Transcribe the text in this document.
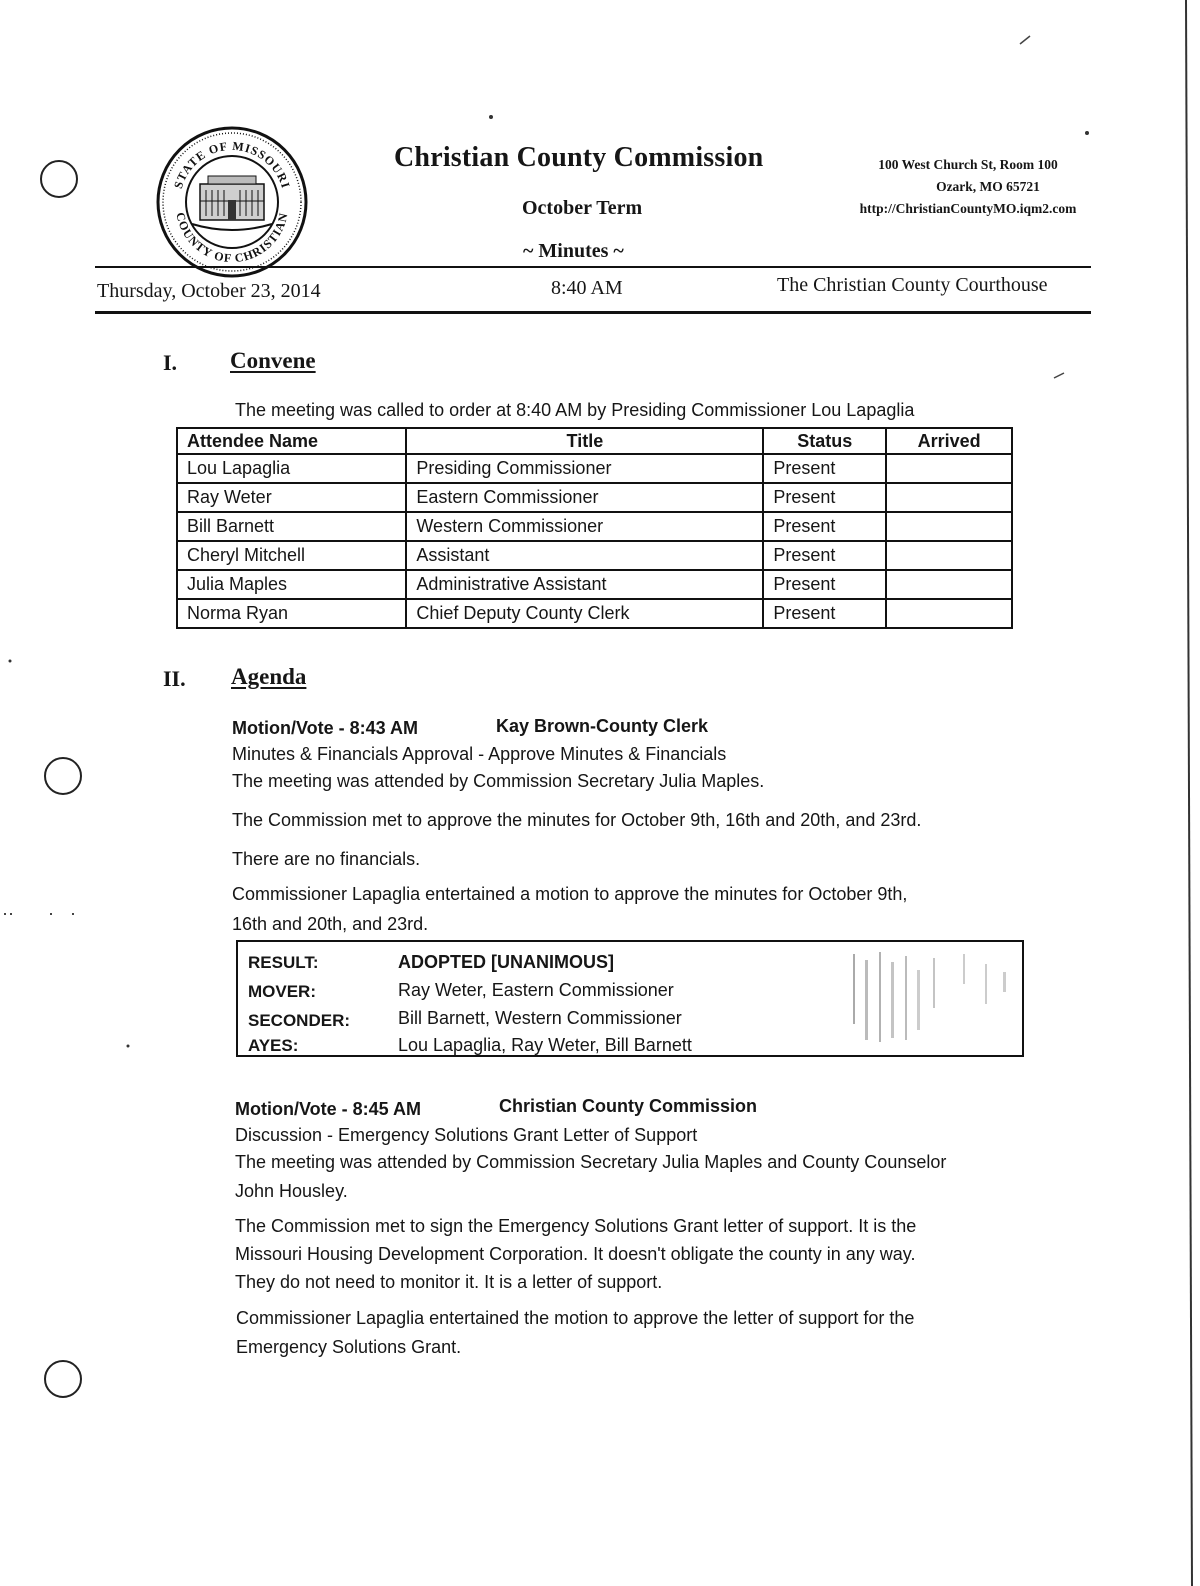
STATE OF MISSOURI
COUNTY OF CHRISTIAN
Christian County Commission
October Term
~ Minutes ~
100 West Church St, Room 100
Ozark, MO 65721
http://ChristianCountyMO.iqm2.com
Thursday, October 23, 2014	8:40 AM	The Christian County Courthouse
I. Convene
The meeting was called to order at 8:40 AM by Presiding Commissioner Lou Lapaglia
Attendee Name	Title	Status	Arrived
Lou Lapaglia	Presiding Commissioner	Present	
Ray Weter	Eastern Commissioner	Present	
Bill Barnett	Western Commissioner	Present	
Cheryl Mitchell	Assistant	Present	
Julia Maples	Administrative Assistant	Present	
Norma Ryan	Chief Deputy County Clerk	Present	
II. Agenda
Motion/Vote - 8:43 AM	Kay Brown-County Clerk
Minutes & Financials Approval - Approve Minutes & Financials
The meeting was attended by Commission Secretary Julia Maples.
The Commission met to approve the minutes for October 9th, 16th and 20th, and 23rd.
There are no financials.
Commissioner Lapaglia entertained a motion to approve the minutes for October 9th,
16th and 20th, and 23rd.
RESULT:	ADOPTED [UNANIMOUS]
MOVER:	Ray Weter, Eastern Commissioner
SECONDER:	Bill Barnett, Western Commissioner
AYES:	Lou Lapaglia, Ray Weter, Bill Barnett
Motion/Vote - 8:45 AM	Christian County Commission
Discussion - Emergency Solutions Grant Letter of Support
The meeting was attended by Commission Secretary Julia Maples and County Counselor
John Housley.
The Commission met to sign the Emergency Solutions Grant letter of support. It is the
Missouri Housing Development Corporation. It doesn't obligate the county in any way.
They do not need to monitor it. It is a letter of support.
Commissioner Lapaglia entertained the motion to approve the letter of support for the
Emergency Solutions Grant.
